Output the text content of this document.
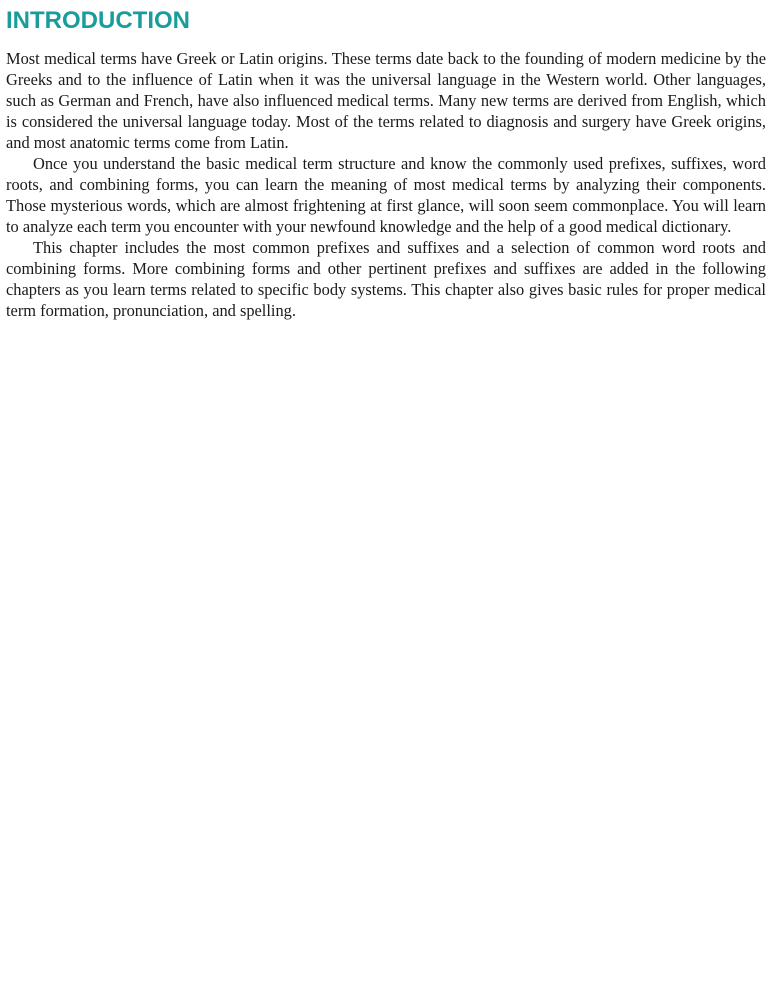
INTRODUCTION

Most medical terms have Greek or Latin origins. These terms date back to the founding of modern medicine by the Greeks and to the influence of Latin when it was the universal language in the Western world. Other languages, such as German and French, have also influenced medical terms. Many new terms are derived from English, which is considered the universal language today. Most of the terms related to diagnosis and surgery have Greek origins, and most anatomic terms come from Latin.

Once you understand the basic medical term structure and know the commonly used prefixes, suffixes, word roots, and combining forms, you can learn the meaning of most medical terms by analyzing their components. Those mysterious words, which are almost frightening at first glance, will soon seem commonplace. You will learn to analyze each term you encounter with your newfound knowledge and the help of a good medical dictionary.

This chapter includes the most common prefixes and suffixes and a selection of common word roots and combining forms. More combining forms and other pertinent prefixes and suffixes are added in the following chapters as you learn terms related to specific body systems. This chapter also gives basic rules for proper medical term formation, pronunciation, and spelling.
